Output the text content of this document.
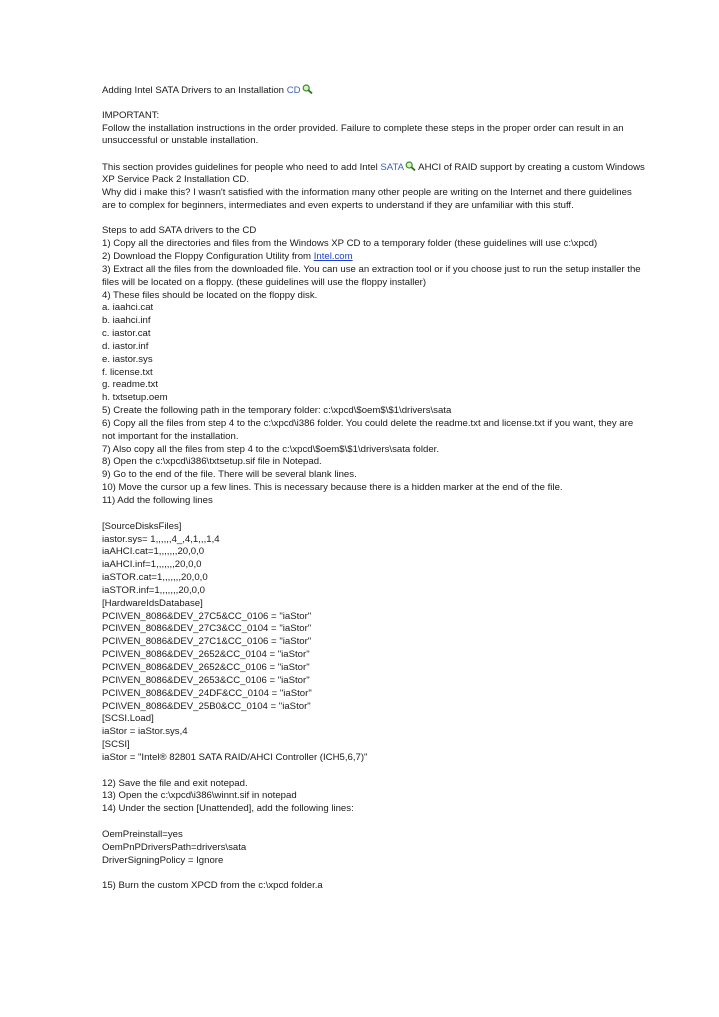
Adding Intel SATA Drivers to an Installation CD
IMPORTANT:
Follow the installation instructions in the order provided. Failure to complete these steps in the proper order can result in an
unsuccessful or unstable installation.
This section provides guidelines for people who need to add Intel SATA AHCI of RAID support by creating a custom Windows
XP Service Pack 2 Installation CD.
Why did i make this? I wasn't satisfied with the information many other people are writing on the Internet and there guidelines
are to complex for beginners, intermediates and even experts to understand if they are unfamiliar with this stuff.
Steps to add SATA drivers to the CD
1) Copy all the directories and files from the Windows XP CD to a temporary folder (these guidelines will use c:\xpcd)
2) Download the Floppy Configuration Utility from Intel.com
3) Extract all the files from the downloaded file. You can use an extraction tool or if you choose just to run the setup installer the
files will be located on a floppy. (these guidelines will use the floppy installer)
4) These files should be located on the floppy disk.
a. iaahci.cat
b. iaahci.inf
c. iastor.cat
d. iastor.inf
e. iastor.sys
f. license.txt
g. readme.txt
h. txtsetup.oem
5) Create the following path in the temporary folder: c:\xpcd\$oem$\$1\drivers\sata
6) Copy all the files from step 4 to the c:\xpcd\i386 folder. You could delete the readme.txt and license.txt if you want, they are
not important for the installation.
7) Also copy all the files from step 4 to the c:\xpcd\$oem$\$1\drivers\sata folder.
8) Open the c:\xpcd\i386\txtsetup.sif file in Notepad.
9) Go to the end of the file. There will be several blank lines.
10) Move the cursor up a few lines. This is necessary because there is a hidden marker at the end of the file.
11) Add the following lines
[SourceDisksFiles]
iastor.sys= 1,,,,,,4_,4,1,,,1,4
iaAHCI.cat=1,,,,,,,20,0,0
iaAHCI.inf=1,,,,,,,20,0,0
iaSTOR.cat=1,,,,,,,20,0,0
iaSTOR.inf=1,,,,,,,20,0,0
[HardwareIdsDatabase]
PCI\VEN_8086&DEV_27C5&CC_0106 = "iaStor"
PCI\VEN_8086&DEV_27C3&CC_0104 = "iaStor"
PCI\VEN_8086&DEV_27C1&CC_0106 = "iaStor"
PCI\VEN_8086&DEV_2652&CC_0104 = "iaStor"
PCI\VEN_8086&DEV_2652&CC_0106 = "iaStor"
PCI\VEN_8086&DEV_2653&CC_0106 = "iaStor"
PCI\VEN_8086&DEV_24DF&CC_0104 = "iaStor"
PCI\VEN_8086&DEV_25B0&CC_0104 = "iaStor"
[SCSI.Load]
iaStor = iaStor.sys,4
[SCSI]
iaStor = "Intel® 82801 SATA RAID/AHCI Controller (ICH5,6,7)"
12) Save the file and exit notepad.
13) Open the c:\xpcd\i386\winnt.sif in notepad
14) Under the section [Unattended], add the following lines:
OemPreinstall=yes
OemPnPDriversPath=drivers\sata
DriverSigningPolicy = Ignore
15) Burn the custom XPCD from the c:\xpcd folder.a
